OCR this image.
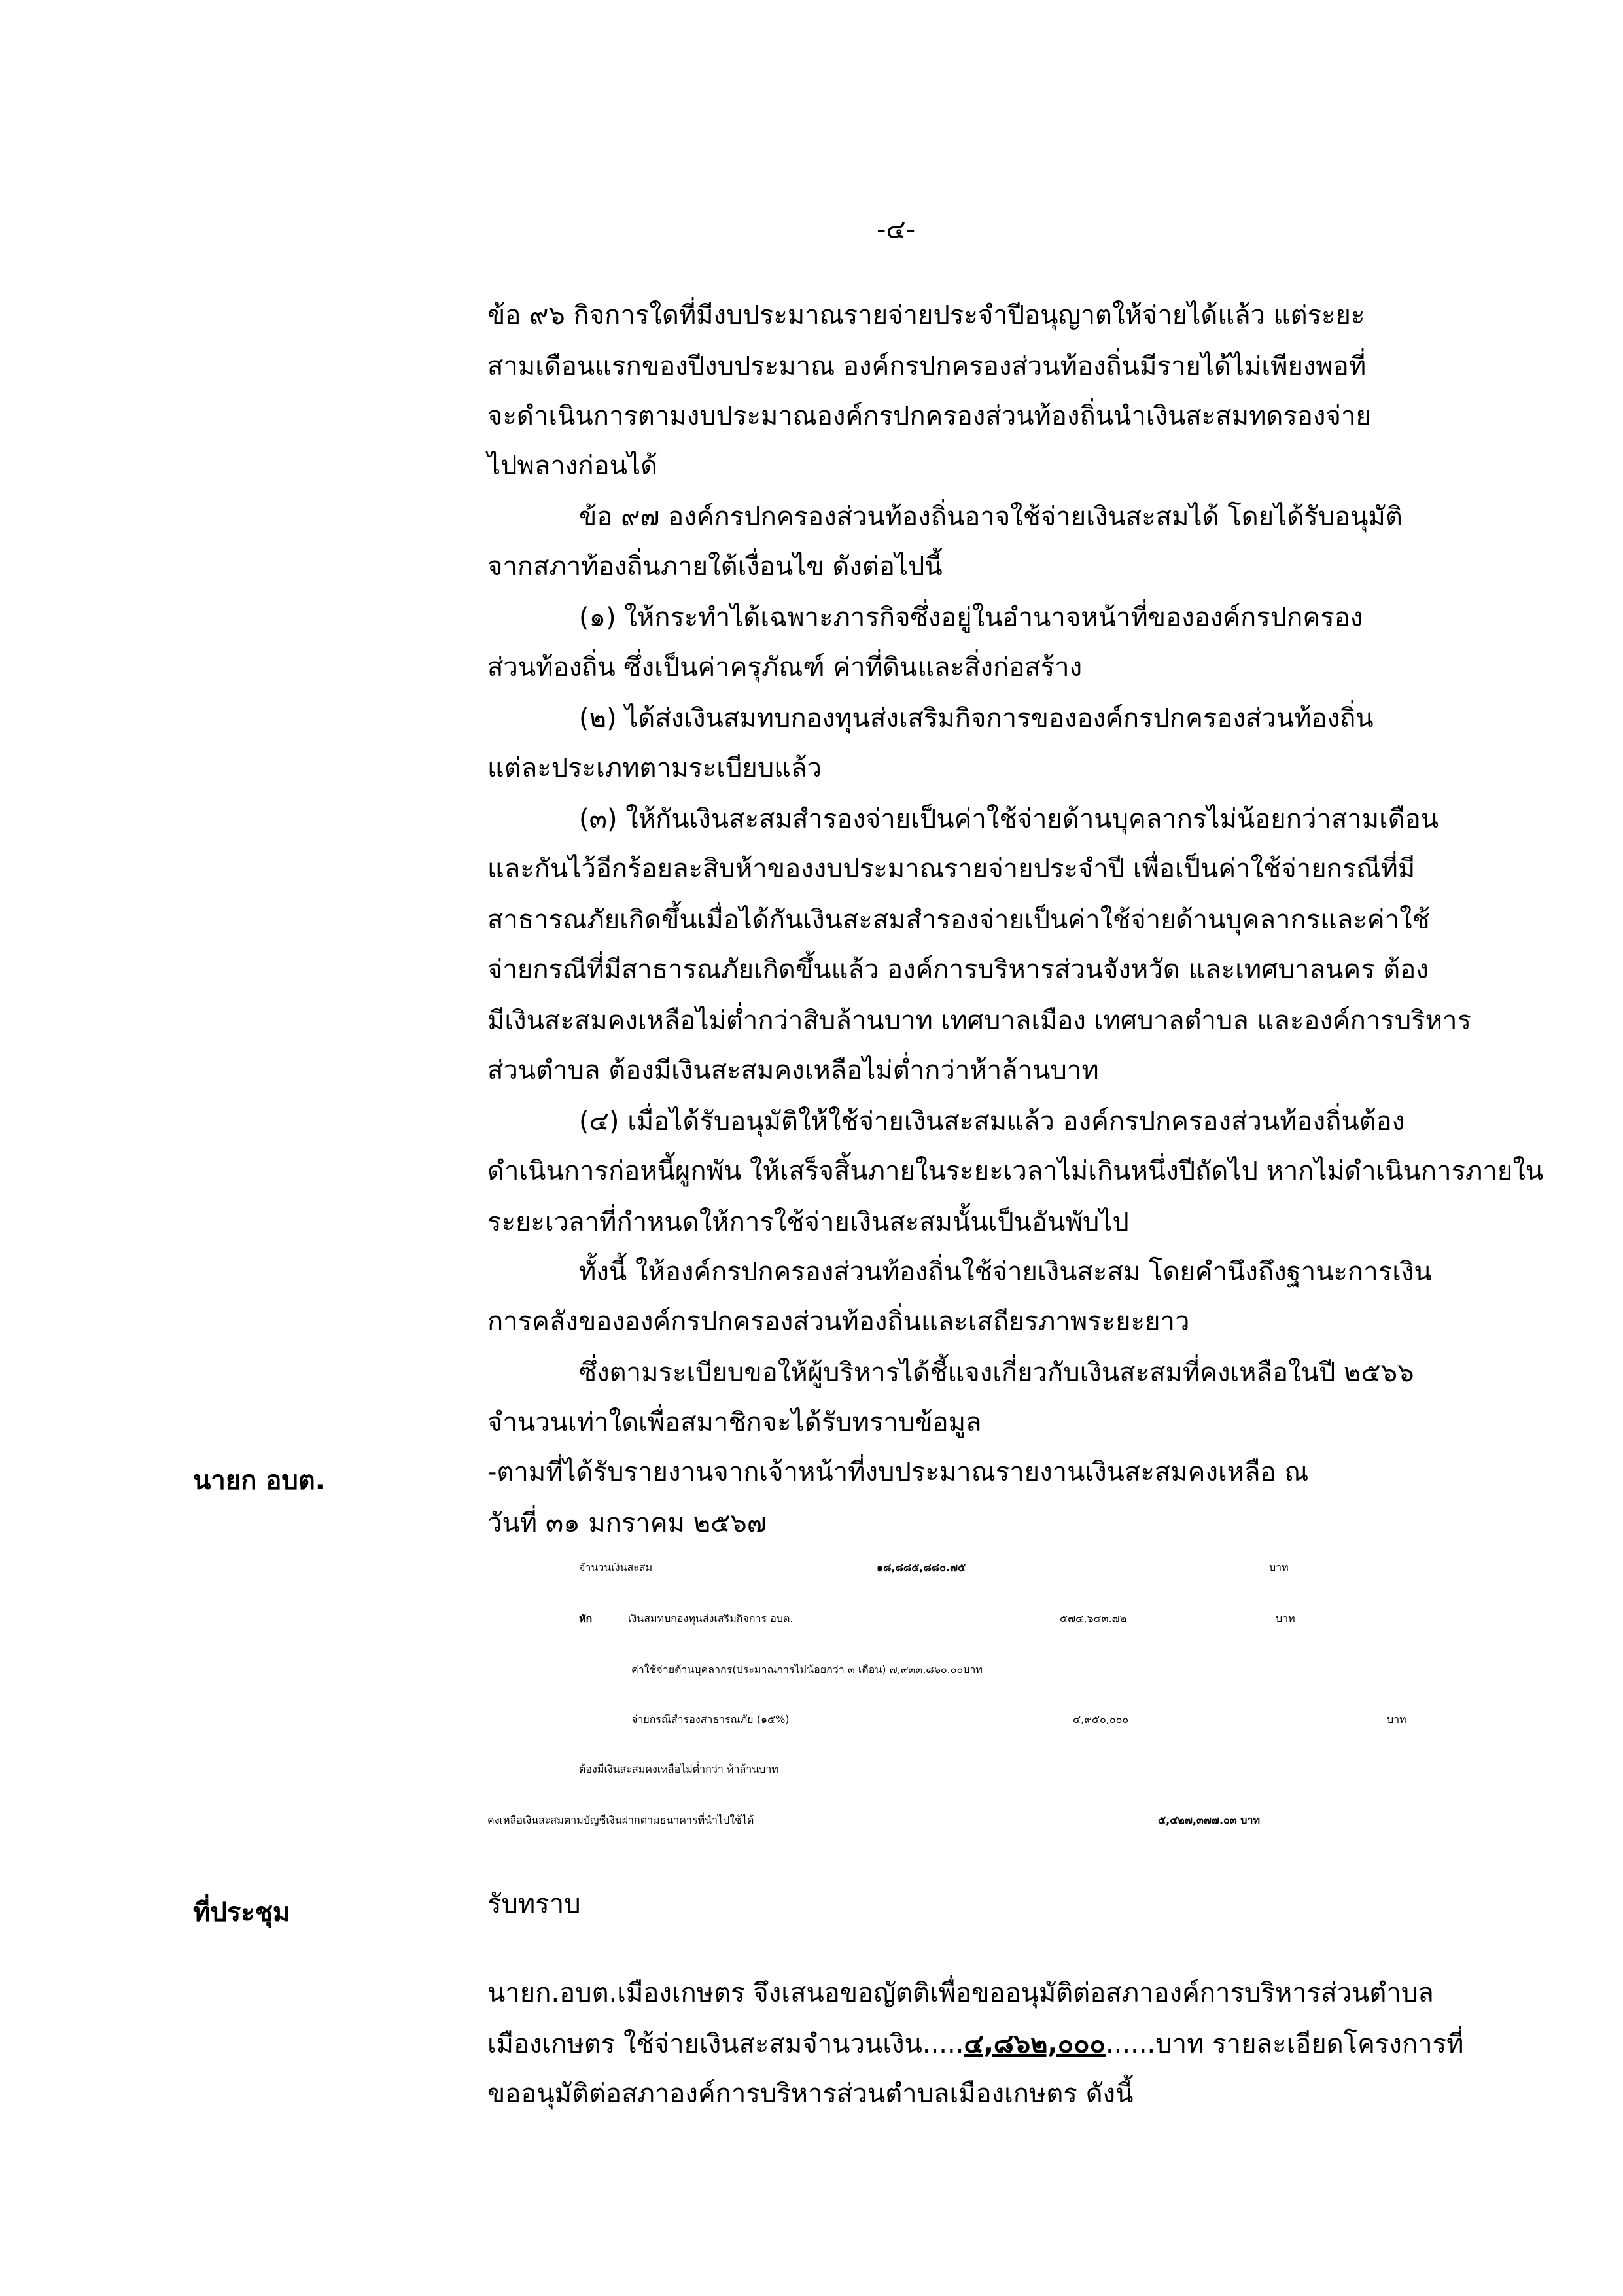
-๔-
ข้อ ๙๖ กิจการใดที่มีงบประมาณรายจ่ายประจำปีอนุญาตให้จ่ายได้แล้ว แต่ระยะ
สามเดือนแรกของปีงบประมาณ องค์กรปกครองส่วนท้องถิ่นมีรายได้ไม่เพียงพอที่
จะดำเนินการตามงบประมาณองค์กรปกครองส่วนท้องถิ่นนำเงินสะสมทดรองจ่าย
ไปพลางก่อนได้
ข้อ ๙๗ องค์กรปกครองส่วนท้องถิ่นอาจใช้จ่ายเงินสะสมได้ โดยได้รับอนุมัติ
จากสภาท้องถิ่นภายใต้เงื่อนไข ดังต่อไปนี้
(๑) ให้กระทำได้เฉพาะภารกิจซึ่งอยู่ในอำนาจหน้าที่ขององค์กรปกครอง
ส่วนท้องถิ่น ซึ่งเป็นค่าครุภัณฑ์ ค่าที่ดินและสิ่งก่อสร้าง
(๒) ได้ส่งเงินสมทบกองทุนส่งเสริมกิจการขององค์กรปกครองส่วนท้องถิ่น
แต่ละประเภทตามระเบียบแล้ว
(๓) ให้กันเงินสะสมสำรองจ่ายเป็นค่าใช้จ่ายด้านบุคลากรไม่น้อยกว่าสามเดือน
และกันไว้อีกร้อยละสิบห้าของงบประมาณรายจ่ายประจำปี เพื่อเป็นค่าใช้จ่ายกรณีที่มี
สาธารณภัยเกิดขึ้นเมื่อได้กันเงินสะสมสำรองจ่ายเป็นค่าใช้จ่ายด้านบุคลากรและค่าใช้
จ่ายกรณีที่มีสาธารณภัยเกิดขึ้นแล้ว องค์การบริหารส่วนจังหวัด และเทศบาลนคร ต้อง
มีเงินสะสมคงเหลือไม่ต่ำกว่าสิบล้านบาท เทศบาลเมือง เทศบาลตำบล และองค์การบริหาร
ส่วนตำบล ต้องมีเงินสะสมคงเหลือไม่ต่ำกว่าห้าล้านบาท
(๔) เมื่อได้รับอนุมัติให้ใช้จ่ายเงินสะสมแล้ว องค์กรปกครองส่วนท้องถิ่นต้อง
ดำเนินการก่อหนี้ผูกพัน ให้เสร็จสิ้นภายในระยะเวลาไม่เกินหนึ่งปีถัดไป หากไม่ดำเนินการภายใน
ระยะเวลาที่กำหนดให้การใช้จ่ายเงินสะสมนั้นเป็นอันพับไป
ทั้งนี้ ให้องค์กรปกครองส่วนท้องถิ่นใช้จ่ายเงินสะสม โดยคำนึงถึงฐานะการเงิน
การคลังขององค์กรปกครองส่วนท้องถิ่นและเสถียรภาพระยะยาว
ซึ่งตามระเบียบขอให้ผู้บริหารได้ชี้แจงเกี่ยวกับเงินสะสมที่คงเหลือในปี ๒๕๖๖
จำนวนเท่าใดเพื่อสมาชิกจะได้รับทราบข้อมูล
นายก อบต.	-ตามที่ได้รับรายงานจากเจ้าหน้าที่งบประมาณรายงานเงินสะสมคงเหลือ ณ
วันที่ ๓๑ มกราคม ๒๕๖๗
จำนวนเงินสะสม	๑๘,๘๘๕,๘๘๐.๗๕	บาท
หัก	เงินสมทบกองทุนส่งเสริมกิจการ อบต.	๕๗๔,๖๔๓.๗๒	บาท
ค่าใช้จ่ายด้านบุคลากร(ประมาณการไม่น้อยกว่า ๓ เดือน) ๗,๙๓๓,๘๖๐.๐๐บาท
จ่ายกรณีสำรองสาธารณภัย (๑๕%)	๔,๙๕๐,๐๐๐	บาท
ต้องมีเงินสะสมคงเหลือไม่ต่ำกว่า ห้าล้านบาท
คงเหลือเงินสะสมตามบัญชีเงินฝากตามธนาคารที่นำไปใช้ได้	๕,๔๒๗,๓๗๗.๐๓ บาท
ที่ประชุม	รับทราบ
นายก.อบต.เมืองเกษตร จึงเสนอขอญัตติเพื่อขออนุมัติต่อสภาองค์การบริหารส่วนตำบล
เมืองเกษตร ใช้จ่ายเงินสะสมจำนวนเงิน.....๔,๘๖๒,๐๐๐......บาท รายละเอียดโครงการที่
ขออนุมัติต่อสภาองค์การบริหารส่วนตำบลเมืองเกษตร ดังนี้
